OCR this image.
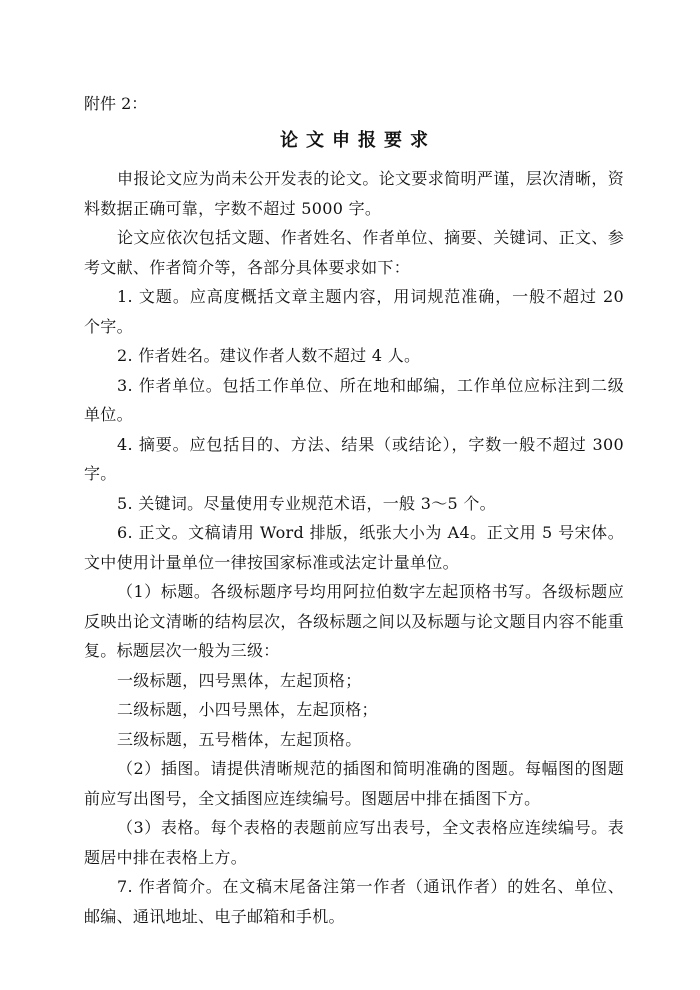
附件 2：
论文申报要求

申报论文应为尚未公开发表的论文。论文要求简明严谨，层次清晰，资料数据正确可靠，字数不超过 5000 字。

论文应依次包括文题、作者姓名、作者单位、摘要、关键词、正文、参考文献、作者简介等，各部分具体要求如下：

1. 文题。应高度概括文章主题内容，用词规范准确，一般不超过 20 个字。

2. 作者姓名。建议作者人数不超过 4 人。

3. 作者单位。包括工作单位、所在地和邮编，工作单位应标注到二级单位。

4. 摘要。应包括目的、方法、结果（或结论），字数一般不超过 300 字。

5. 关键词。尽量使用专业规范术语，一般 3～5 个。

6. 正文。文稿请用 Word 排版，纸张大小为 A4。正文用 5 号宋体。文中使用计量单位一律按国家标准或法定计量单位。

（1）标题。各级标题序号均用阿拉伯数字左起顶格书写。各级标题应反映出论文清晰的结构层次，各级标题之间以及标题与论文题目内容不能重复。标题层次一般为三级：

一级标题，四号黑体，左起顶格；

二级标题，小四号黑体，左起顶格；

三级标题，五号楷体，左起顶格。

（2）插图。请提供清晰规范的插图和简明准确的图题。每幅图的图题前应写出图号，全文插图应连续编号。图题居中排在插图下方。

（3）表格。每个表格的表题前应写出表号，全文表格应连续编号。表题居中排在表格上方。

7. 作者简介。在文稿末尾备注第一作者（通讯作者）的姓名、单位、邮编、通讯地址、电子邮箱和手机。
